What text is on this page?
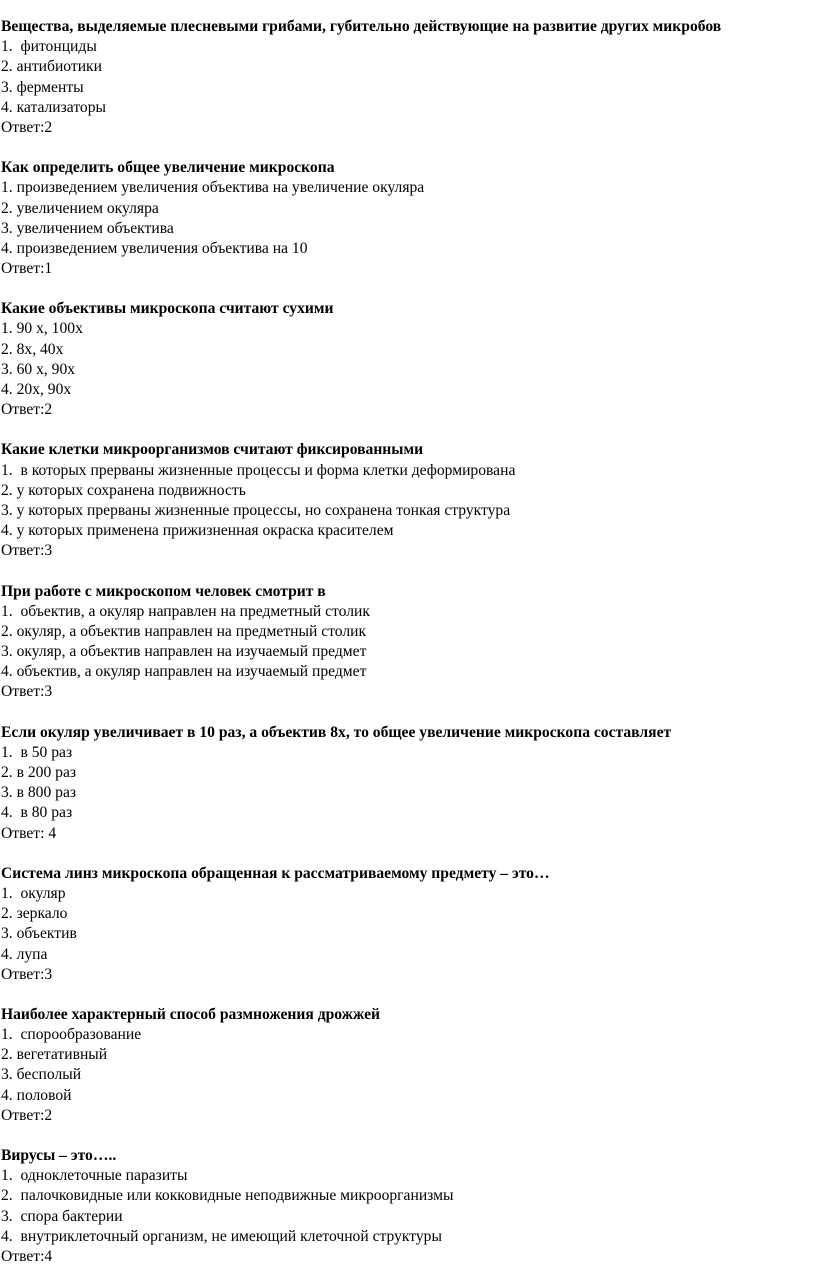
Вещества, выделяемые плесневыми грибами, губительно действующие на развитие других микробов
1.  фитонциды
2. антибиотики
3. ферменты
4. катализаторы
Ответ:2
Как определить общее увеличение микроскопа
1. произведением увеличения объектива на увеличение окуляра
2. увеличением окуляра
3. увеличением объектива
4. произведением увеличения объектива на 10
Ответ:1
Какие объективы микроскопа считают сухими
1. 90 х, 100х
2. 8х, 40х
3. 60 х, 90х
4. 20х, 90х
Ответ:2
Какие клетки микроорганизмов считают фиксированными
1.  в которых прерваны жизненные процессы и форма клетки деформирована
2. у которых сохранена подвижность
3. у которых прерваны жизненные процессы, но сохранена тонкая структура
4. у которых применена прижизненная окраска красителем
Ответ:3
При работе с микроскопом человек смотрит в
1.  объектив, а окуляр направлен на предметный столик
2. окуляр, а объектив направлен на предметный столик
3. окуляр, а объектив направлен на изучаемый предмет
4. объектив, а окуляр направлен на изучаемый предмет
Ответ:3
Если окуляр увеличивает в 10 раз, а объектив 8х, то общее увеличение микроскопа составляет
1.  в 50 раз
2. в 200 раз
3. в 800 раз
4.  в 80 раз
Ответ: 4
Система линз микроскопа обращенная к рассматриваемому предмету – это…
1.  окуляр
2. зеркало
3. объектив
4. лупа
Ответ:3
Наиболее характерный способ размножения дрожжей
1.  спорообразование
2. вегетативный
3. бесполый
4. половой
Ответ:2
Вирусы – это…..
1.  одноклеточные паразиты
2.  палочковидные или кокковидные неподвижные микроорганизмы
3.  спора бактерии
4.  внутриклеточный организм, не имеющий клеточной структуры
Ответ:4
